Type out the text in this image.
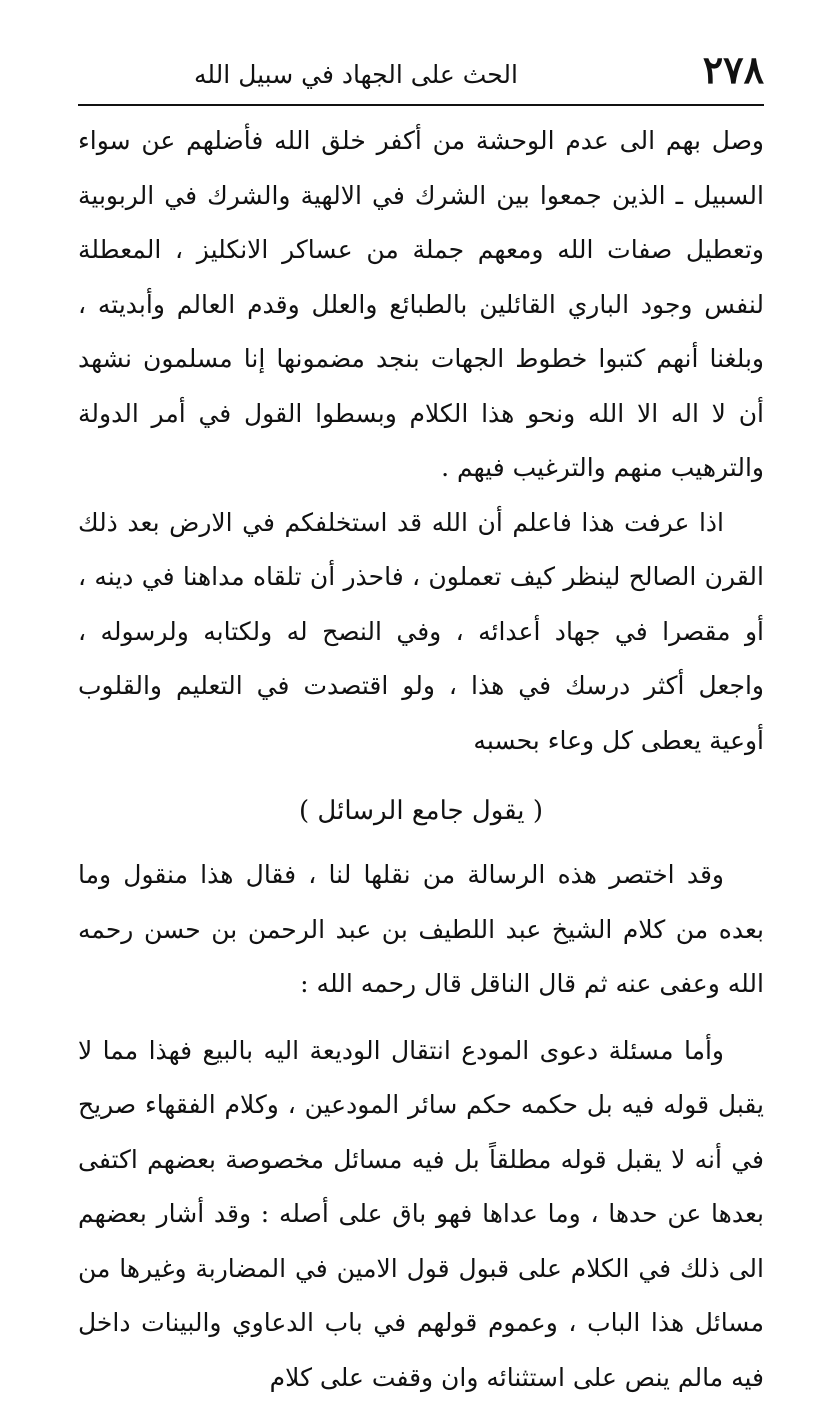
٢٧٨
الحث على الجهاد في سبيل الله

وصل بهم الى عدم الوحشة من أكفر خلق الله فأضلهم عن سواء السبيل ـ الذين جمعوا بين الشرك في الالهية والشرك في الربوبية وتعطيل صفات الله ومعهم جملة من عساكر الانكليز ، المعطلة لنفس وجود الباري القائلين بالطبائع والعلل وقدم العالم وأبديته ، وبلغنا أنهم كتبوا خطوط الجهات بنجد مضمونها إنا مسلمون نشهد أن لا اله الا الله ونحو هذا الكلام وبسطوا القول في أمر الدولة والترهيب منهم والترغيب فيهم .

اذا عرفت هذا فاعلم أن الله قد استخلفكم في الارض بعد ذلك القرن الصالح لينظر كيف تعملون ، فاحذر أن تلقاه مداهنا في دينه ، أو مقصرا في جهاد أعدائه ، وفي النصح له ولكتابه ولرسوله ، واجعل أكثر درسك في هذا ، ولو اقتصدت في التعليم والقلوب أوعية يعطى كل وعاء بحسبه

( يقول جامع الرسائل )

وقد اختصر هذه الرسالة من نقلها لنا ، فقال هذا منقول وما بعده من كلام الشيخ عبد اللطيف بن عبد الرحمن بن حسن رحمه الله وعفى عنه ثم قال الناقل قال رحمه الله :

وأما مسئلة دعوى المودع انتقال الوديعة اليه بالبيع فهذا مما لا يقبل قوله فيه بل حكمه حكم سائر المودعين ، وكلام الفقهاء صريح في أنه لا يقبل قوله مطلقاً بل فيه مسائل مخصوصة بعضهم اكتفى بعدها عن حدها ، وما عداها فهو باق على أصله : وقد أشار بعضهم الى ذلك في الكلام على قبول قول الامين في المضاربة وغيرها من مسائل هذا الباب ، وعموم قولهم في باب الدعاوي والبينات داخل فيه مالم ينص على استثنائه وان وقفت على كلام
